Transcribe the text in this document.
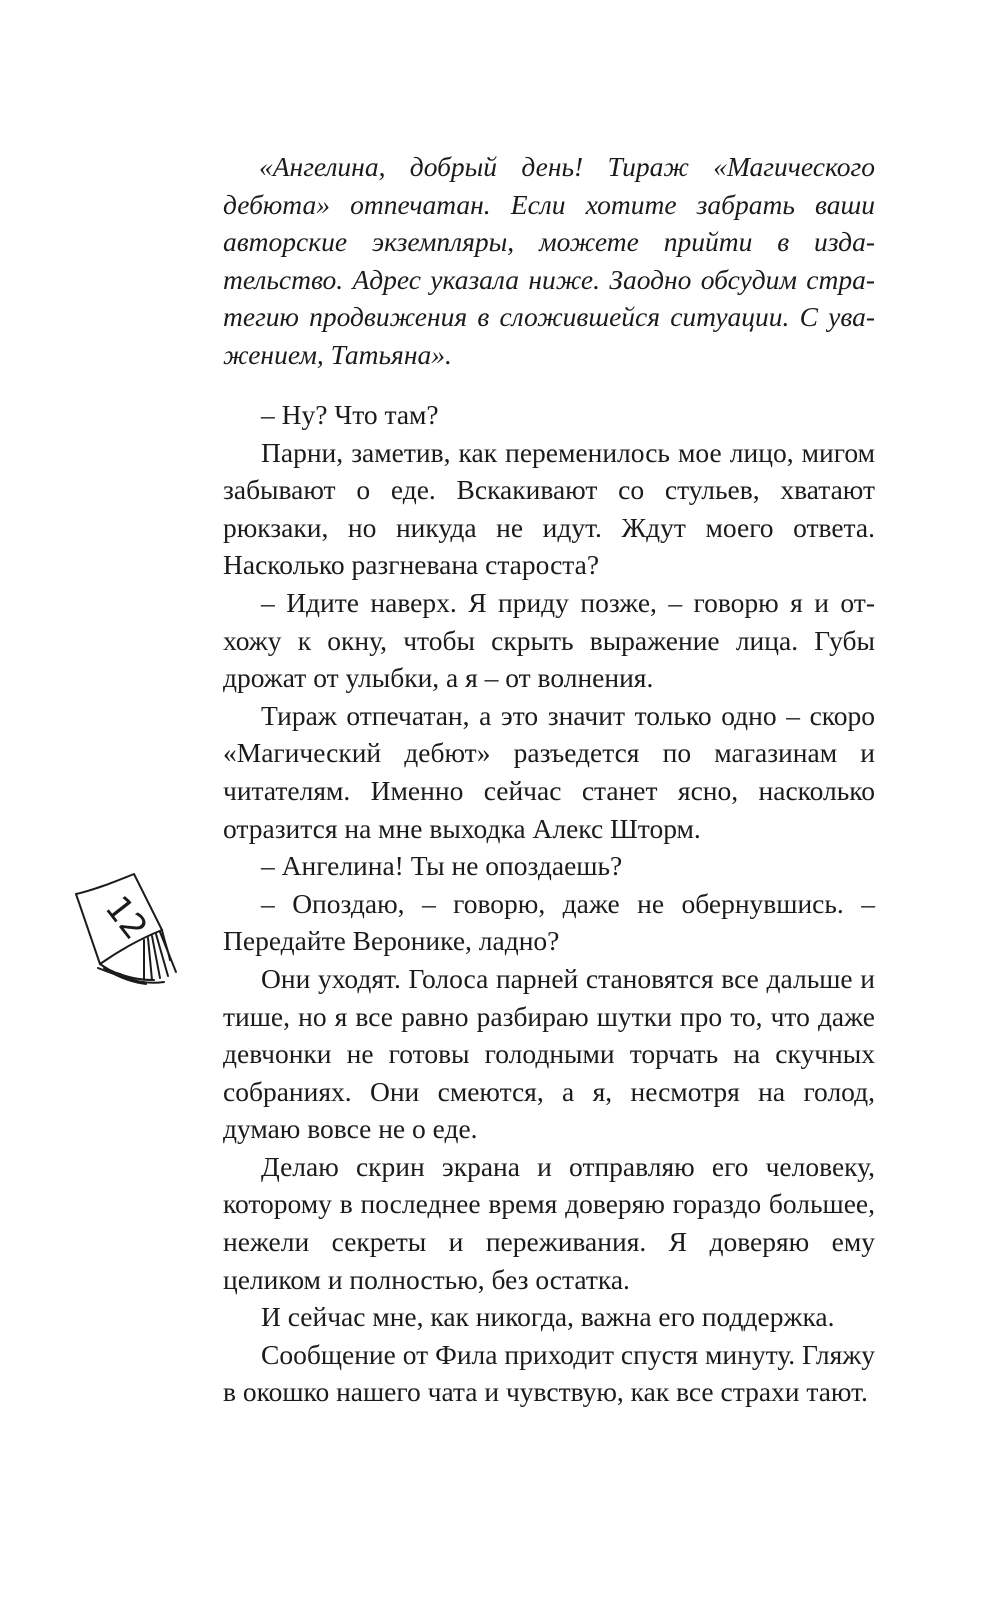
«Ангелина, добрый день! Тираж «Магического дебюта» отпечатан. Если хотите забрать ваши авторские экземпляры, можете прийти в издательство. Адрес указала ниже. Заодно обсудим стратегию продвижения в сложившейся ситуации. С уважением, Татьяна».

– Ну? Что там?

Парни, заметив, как переменилось мое лицо, мигом забывают о еде. Вскакивают со стульев, хватают рюкзаки, но никуда не идут. Ждут моего ответа. Насколько разгневана староста?

– Идите наверх. Я приду позже, – говорю я и отхожу к окну, чтобы скрыть выражение лица. Губы дрожат от улыбки, а я – от волнения.

Тираж отпечатан, а это значит только одно – скоро «Магический дебют» разъедется по магазинам и читателям. Именно сейчас станет ясно, насколько отразится на мне выходка Алекс Шторм.

– Ангелина! Ты не опоздаешь?

– Опоздаю, – говорю, даже не обернувшись. – Передайте Веронике, ладно?

Они уходят. Голоса парней становятся все дальше и тише, но я все равно разбираю шутки про то, что даже девчонки не готовы голодными торчать на скучных собраниях. Они смеются, а я, несмотря на голод, думаю вовсе не о еде.

Делаю скрин экрана и отправляю его человеку, которому в последнее время доверяю гораздо большее, нежели секреты и переживания. Я доверяю ему целиком и полностью, без остатка.

И сейчас мне, как никогда, важна его поддержка.

Сообщение от Фила приходит спустя минуту. Гляжу в окошко нашего чата и чувствую, как все страхи тают.

12
